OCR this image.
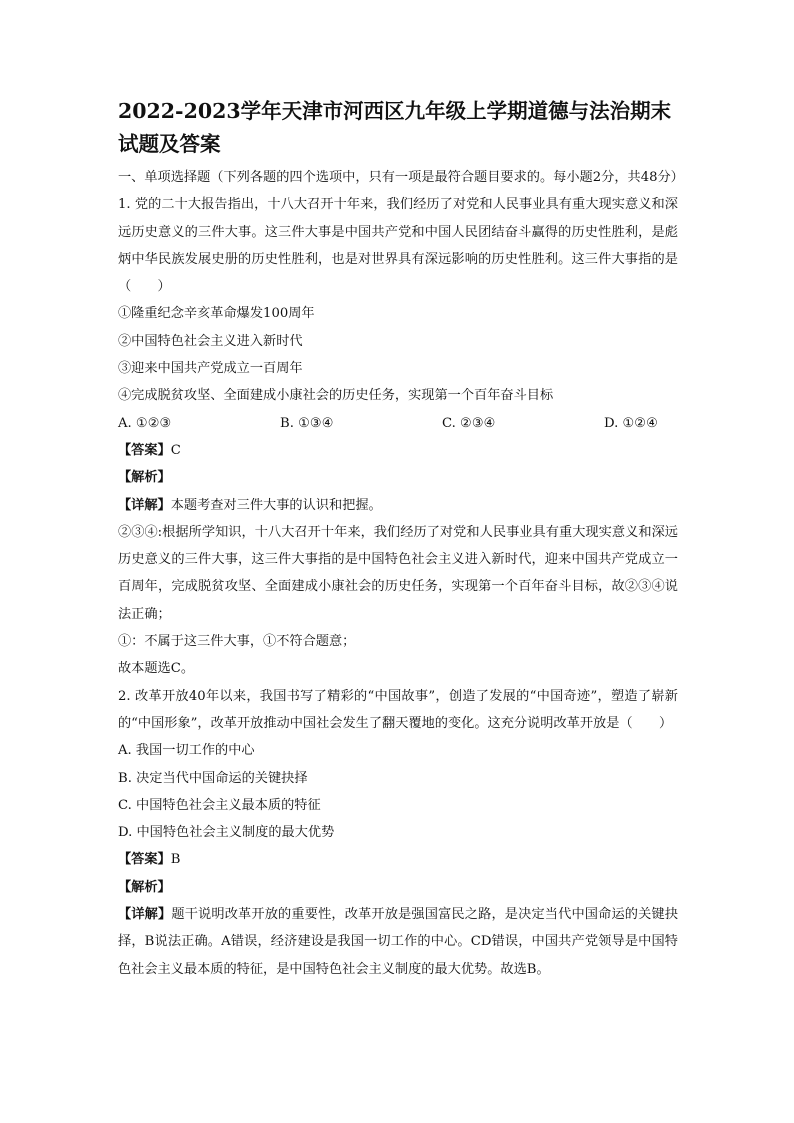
2022-2023学年天津市河西区九年级上学期道德与法治期末试题及答案

一、单项选择题（下列各题的四个选项中，只有一项是最符合题目要求的。每小题2分，共48分）

1. 党的二十大报告指出，十八大召开十年来，我们经历了对党和人民事业具有重大现实意义和深远历史意义的三件大事。这三件大事是中国共产党和中国人民团结奋斗赢得的历史性胜利，是彪炳中华民族发展史册的历史性胜利，也是对世界具有深远影响的历史性胜利。这三件大事指的是（　　）

①隆重纪念辛亥革命爆发100周年

②中国特色社会主义进入新时代

③迎来中国共产党成立一百周年

④完成脱贫攻坚、全面建成小康社会的历史任务，实现第一个百年奋斗目标

A. ①②③	B. ①③④	C. ②③④	D. ①②④

【答案】C

【解析】

【详解】本题考查对三件大事的认识和把握。

②③④:根据所学知识，十八大召开十年来，我们经历了对党和人民事业具有重大现实意义和深远历史意义的三件大事，这三件大事指的是中国特色社会主义进入新时代，迎来中国共产党成立一百周年，完成脱贫攻坚、全面建成小康社会的历史任务，实现第一个百年奋斗目标，故②③④说法正确；

①：不属于这三件大事，①不符合题意；

故本题选C。

2. 改革开放40年以来，我国书写了精彩的“中国故事”，创造了发展的“中国奇迹”，塑造了崭新的“中国形象”，改革开放推动中国社会发生了翻天覆地的变化。这充分说明改革开放是（　　）

A. 我国一切工作的中心

B. 决定当代中国命运的关键抉择

C. 中国特色社会主义最本质的特征

D. 中国特色社会主义制度的最大优势

【答案】B

【解析】

【详解】题干说明改革开放的重要性，改革开放是强国富民之路，是决定当代中国命运的关键抉择，B说法正确。A错误，经济建设是我国一切工作的中心。CD错误，中国共产党领导是中国特色社会主义最本质的特征，是中国特色社会主义制度的最大优势。故选B。
